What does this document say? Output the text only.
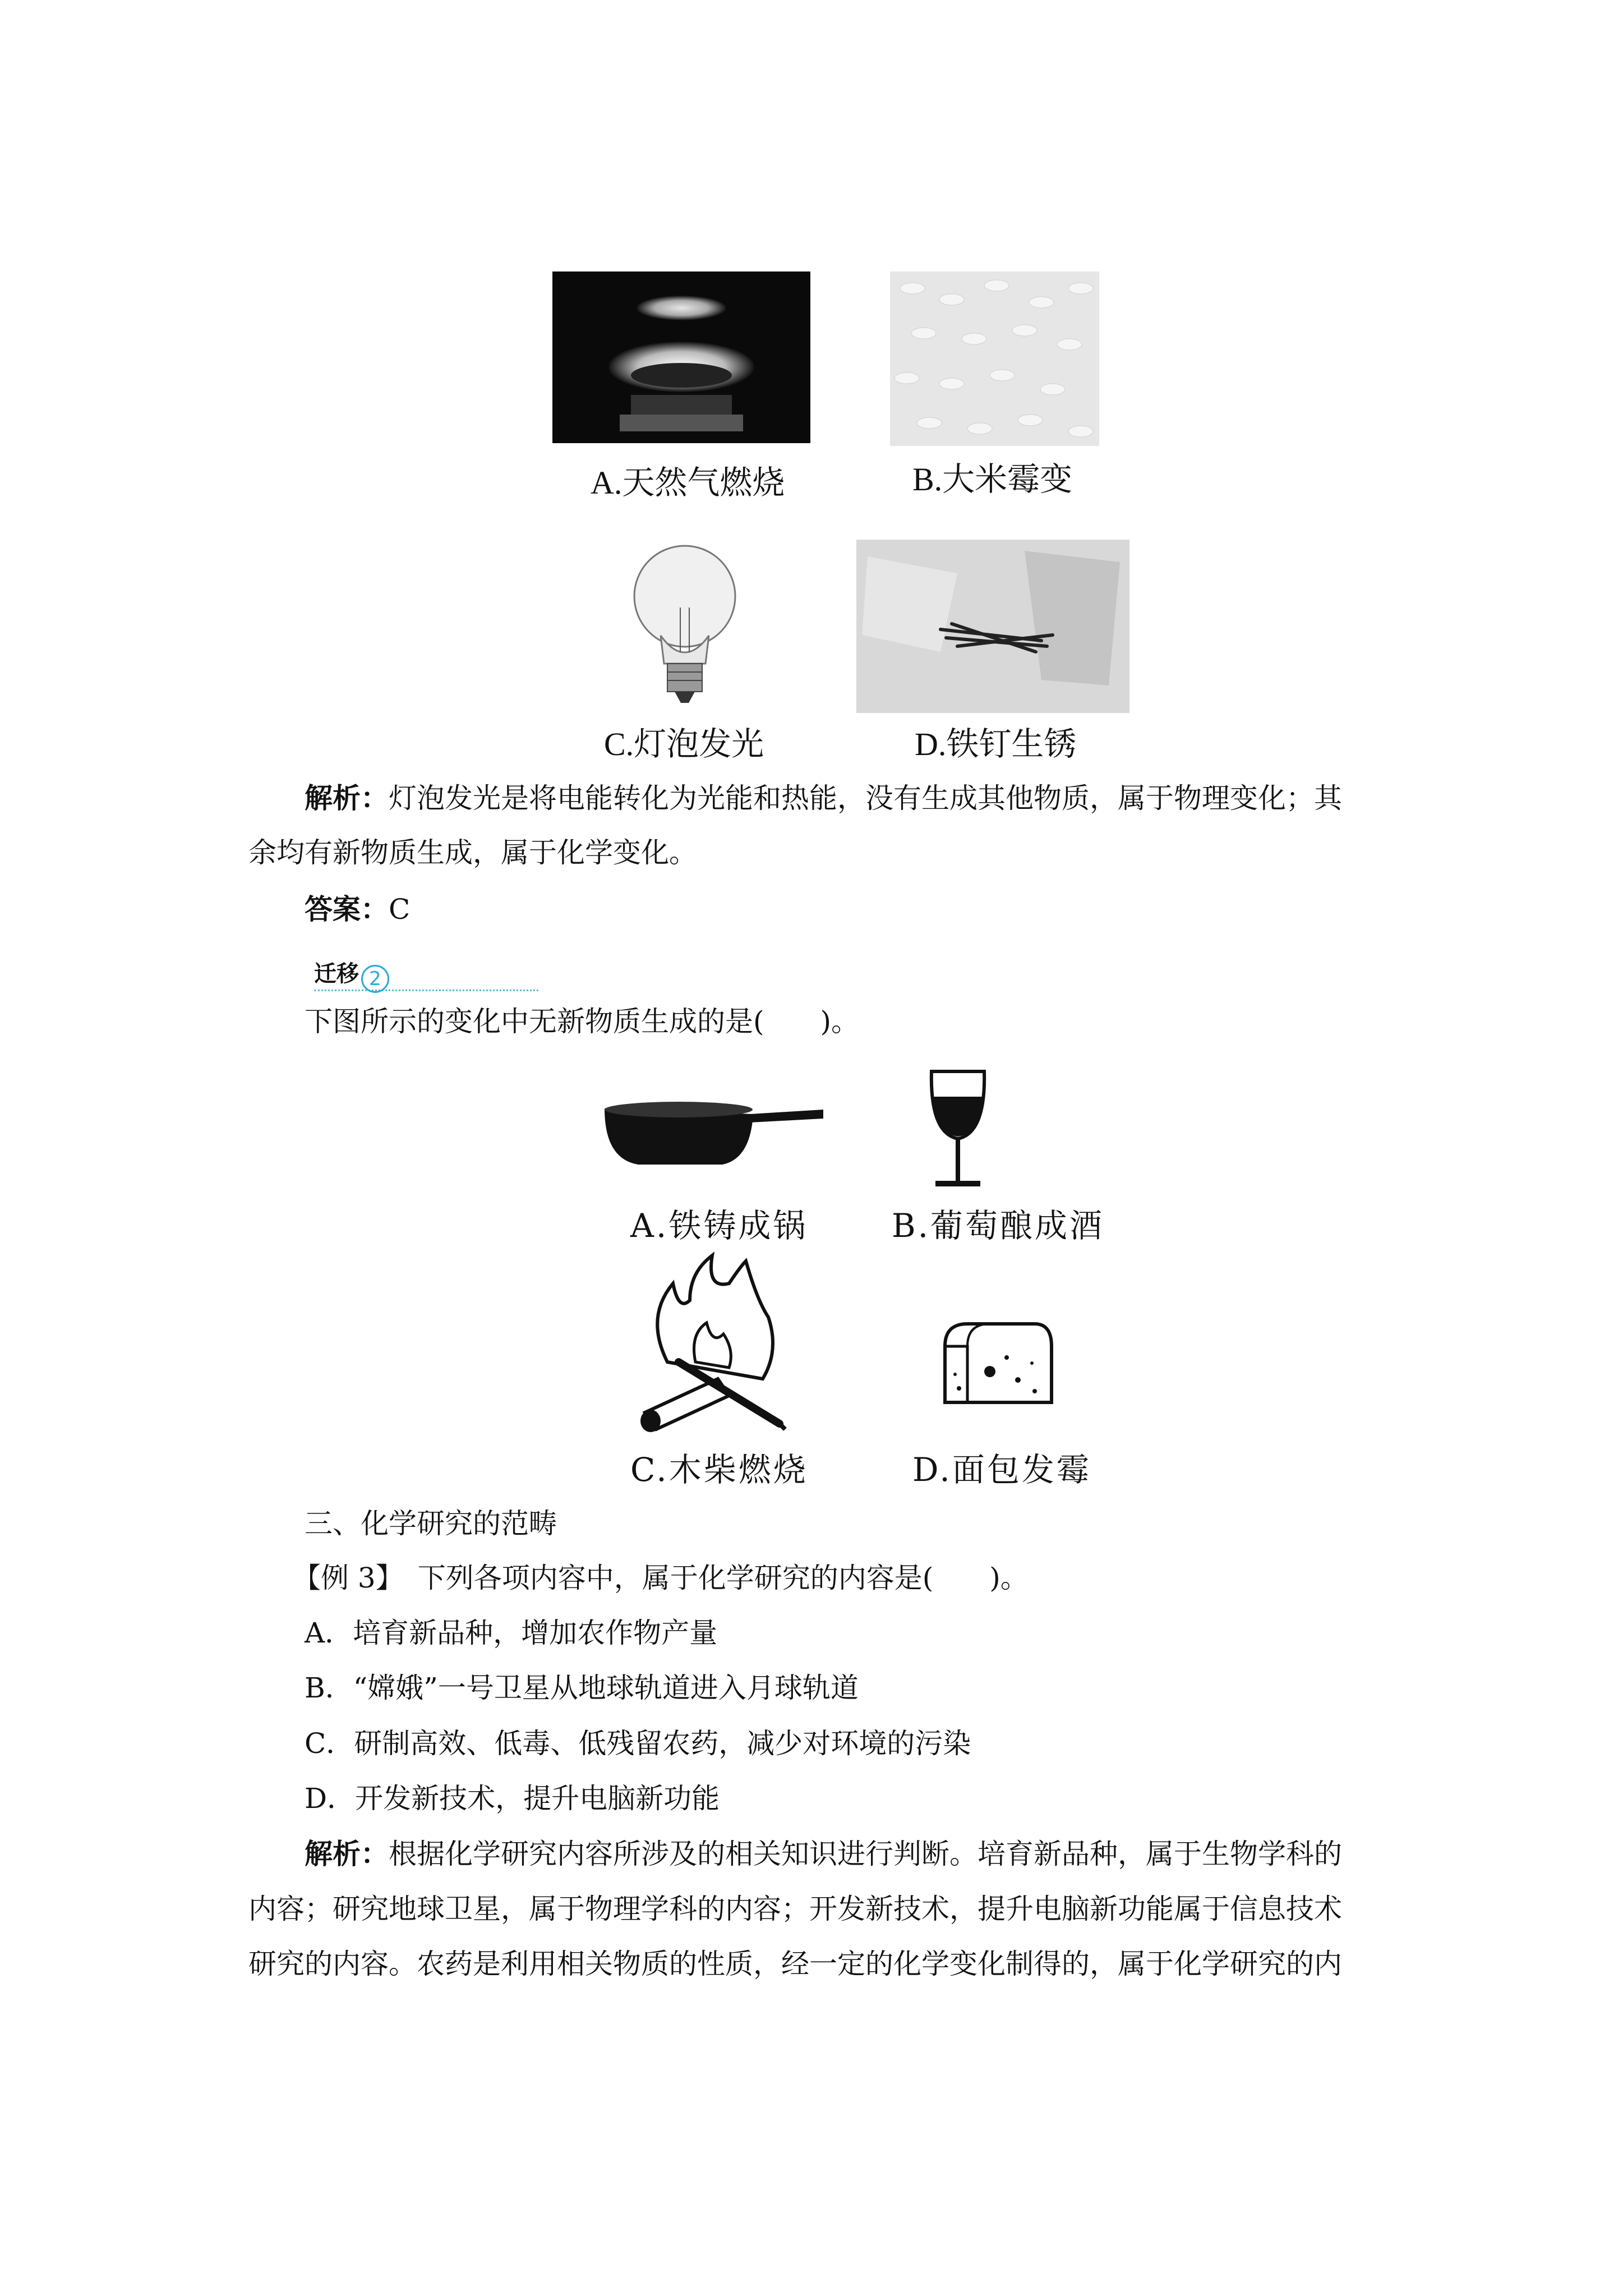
A.天然气燃烧	B.大米霉变
C.灯泡发光	D.铁钉生锈
解析：灯泡发光是将电能转化为光能和热能，没有生成其他物质，属于物理变化；其
余均有新物质生成，属于化学变化。
答案：C
迁移 2
下图所示的变化中无新物质生成的是(　　)。
A.铁铸成锅	B.葡萄酿成酒
C.木柴燃烧	D.面包发霉
三、化学研究的范畴
【例 3】　 下列各项内容中，属于化学研究的内容是(　　)。
A．培育新品种，增加农作物产量
B．“嫦娥”一号卫星从地球轨道进入月球轨道
C．研制高效、低毒、低残留农药，减少对环境的污染
D．开发新技术，提升电脑新功能
解析：根据化学研究内容所涉及的相关知识进行判断。培育新品种，属于生物学科的
内容；研究地球卫星，属于物理学科的内容；开发新技术，提升电脑新功能属于信息技术
研究的内容。农药是利用相关物质的性质，经一定的化学变化制得的，属于化学研究的内
